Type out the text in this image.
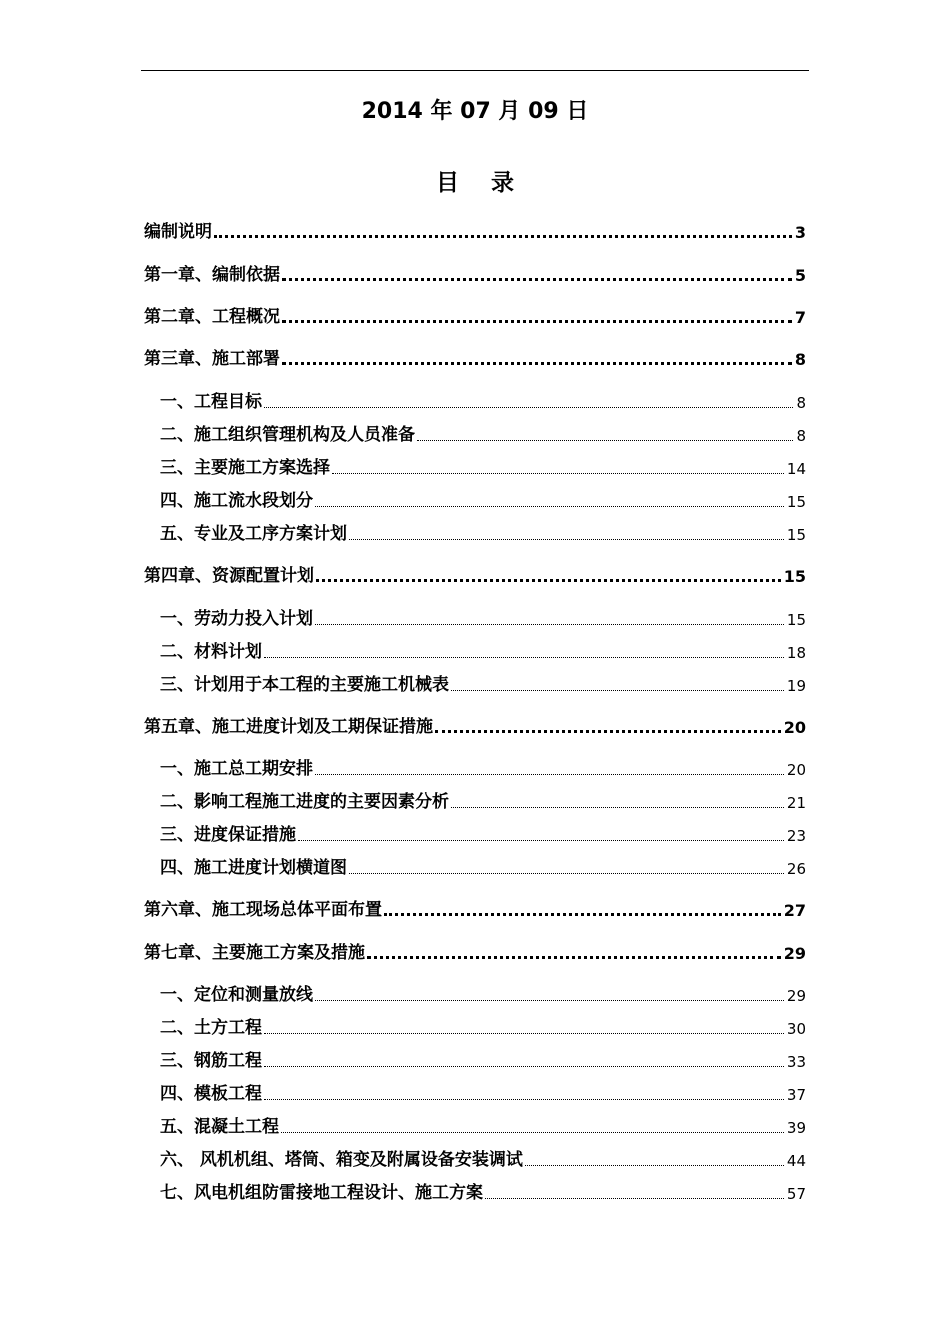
2014 年 07 月 09 日
目 录
编制说明	3
第一章、编制依据	5
第二章、工程概况	7
第三章、施工部署	8
一、工程目标	8
二、施工组织管理机构及人员准备	8
三、主要施工方案选择	14
四、施工流水段划分	15
五、专业及工序方案计划	15
第四章、资源配置计划	15
一、劳动力投入计划	15
二、材料计划	18
三、计划用于本工程的主要施工机械表	19
第五章、施工进度计划及工期保证措施	20
一、施工总工期安排	20
二、影响工程施工进度的主要因素分析	21
三、进度保证措施	23
四、施工进度计划横道图	26
第六章、施工现场总体平面布置	27
第七章、主要施工方案及措施	29
一、定位和测量放线	29
二、土方工程	30
三、钢筋工程	33
四、模板工程	37
五、混凝土工程	39
六、 风机机组、塔筒、箱变及附属设备安装调试	44
七、风电机组防雷接地工程设计、施工方案	57
